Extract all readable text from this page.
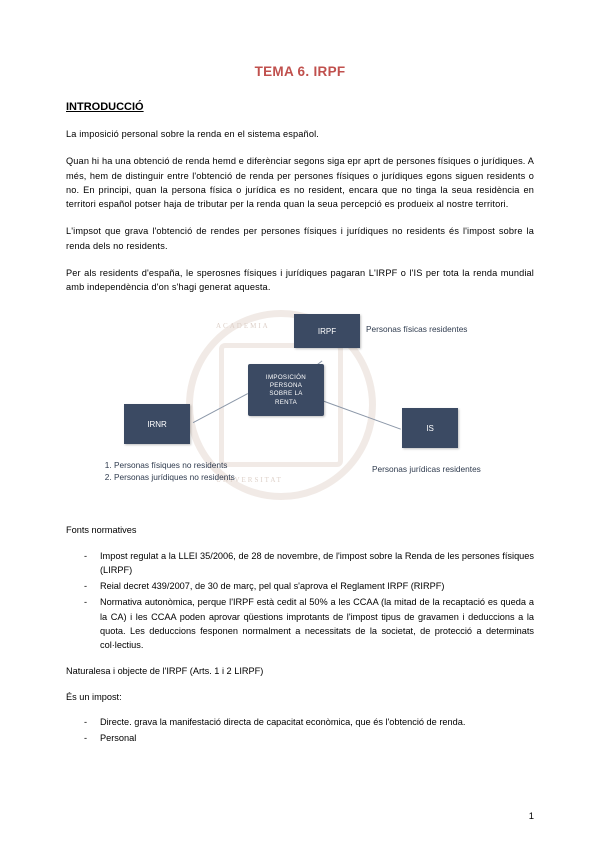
TEMA 6. IRPF
INTRODUCCIÓ

La imposició personal sobre la renda en el sistema español.

Quan hi ha una obtenció de renda hemd e diferènciar segons siga epr aprt de persones físiques o jurídiques. A més, hem de distinguir entre l'obtenció de renda per persones físiques o jurídiques egons siguen residents o no. En principi, quan la persona física o jurídica es no resident, encara que no tinga la seua residència en territori español potser haja de tributar per la renda quan la seua percepció es produeix al nostre territori.

L'impsot que grava l'obtenció de rendes per persones físiques i jurídiques no residents és l'impost sobre la renda dels no residents.

Per als residents d'españa, le sperosnes físiques i jurídiques pagaran L'IRPF o l'IS per tota la renda mundial amb independència d'on s'hagi generat aquesta.

ACADEMIA
UNIVERSITAT
IRPF
IRNR	IS
IMPOSICIÓN
PERSONA
SOBRE LA
RENTA
Personas físicas residentes
Personas jurídicas residentes
1. Personas físiques no residents
2. Personas jurídiques no residents
Fonts normatives
- Impost regulat a la LLEI 35/2006, de 28 de novembre, de l'impost sobre la Renda de les persones físiques (LIRPF)
- Reial decret 439/2007, de 30 de març, pel qual s'aprova el Reglament IRPF (RIRPF)
- Normativa autonòmica, perque l'IRPF està cedit al 50% a les CCAA (la mitad de la recaptació es queda a la CA) i les CCAA poden aprovar qüestions improtants de l'impost tipus de gravamen i deduccions a la quota. Les deduccions fesponen normalment a necessitats de la societat, de protecció a determinats col·lectius.
Naturalesa i objecte de l'IRPF (Arts. 1 i 2 LIRPF)
És un impost:
- Directe. grava la manifestació directa de capacitat econòmica, que és l'obtenció de renda.
- Personal
1
